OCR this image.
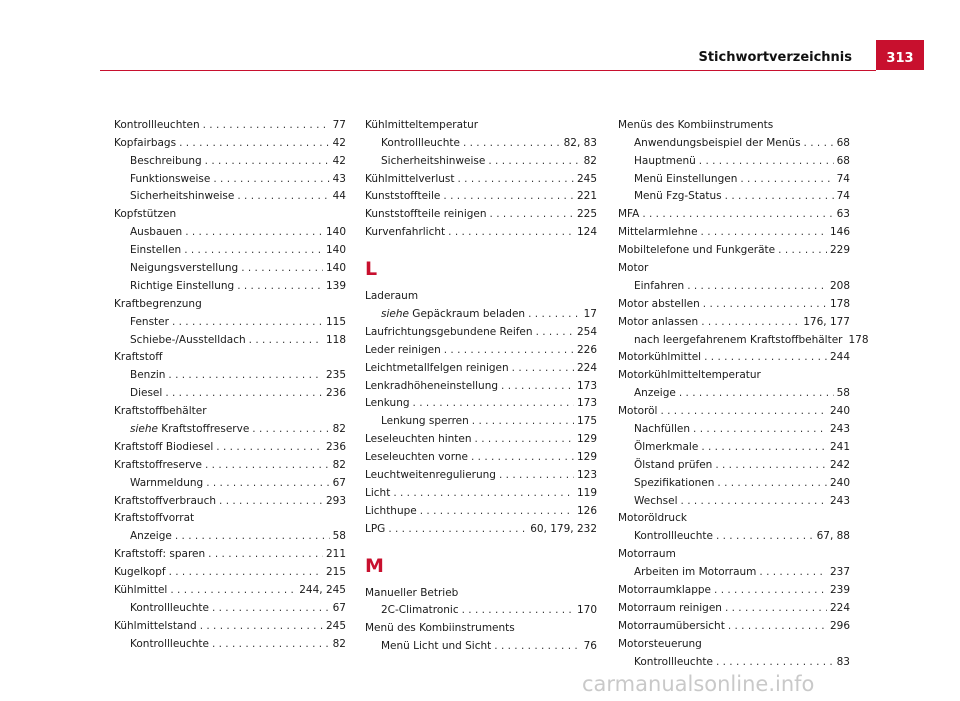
Stichwortverzeichnis	313
Kontrollleuchten . . .	77
Kopfairbags . . .	42
Beschreibung . . .	42
Funktionsweise . . .	43
Sicherheitshinweise . . .	44
Kopfstützen
Ausbauen . . .	140
Einstellen . . .	140
Neigungsverstellung . . .	140
Richtige Einstellung . . .	139
Kraftbegrenzung
Fenster . . .	115
Schiebe-/Ausstelldach . . .	118
Kraftstoff
Benzin . . .	235
Diesel . . .	236
Kraftstoffbehälter
siehe Kraftstoffreserve . . .	82
Kraftstoff Biodiesel . . .	236
Kraftstoffreserve . . .	82
Warnmeldung . . .	67
Kraftstoffverbrauch . . .	293
Kraftstoffvorrat
Anzeige . . .	58
Kraftstoff: sparen . . .	211
Kugelkopf . . .	215
Kühlmittel . . .	244, 245
Kontrollleuchte . . .	67
Kühlmittelstand . . .	245
Kontrollleuchte . . .	82
Kühlmitteltemperatur
Kontrollleuchte . . .	82, 83
Sicherheitshinweise . . .	82
Kühlmittelverlust . . .	245
Kunststoffteile . . .	221
Kunststoffteile reinigen . . .	225
Kurvenfahrlicht . . .	124
L
Laderaum
siehe Gepäckraum beladen . . .	17
Laufrichtungsgebundene Reifen . . .	254
Leder reinigen . . .	226
Leichtmetallfelgen reinigen . . .	224
Lenkradhöheneinstellung . . .	173
Lenkung . . .	173
Lenkung sperren . . .	175
Leseleuchten hinten . . .	129
Leseleuchten vorne . . .	129
Leuchtweitenregulierung . . .	123
Licht . . .	119
Lichthupe . . .	126
LPG . . .	60, 179, 232
M
Manueller Betrieb
2C-Climatronic . . .	170
Menü des Kombiinstruments
Menü Licht und Sicht . . .	76
Menüs des Kombiinstruments
Anwendungsbeispiel der Menüs . . .	68
Hauptmenü . . .	68
Menü Einstellungen . . .	74
Menü Fzg-Status . . .	74
MFA . . .	63
Mittelarmlehne . . .	146
Mobiltelefone und Funkgeräte . . .	229
Motor
Einfahren . . .	208
Motor abstellen . . .	178
Motor anlassen . . .	176, 177
nach leergefahrenem Kraftstoffbehälter 178
Motorkühlmittel . . .	244
Motorkühlmitteltemperatur
Anzeige . . .	58
Motoröl . . .	240
Nachfüllen . . .	243
Ölmerkmale . . .	241
Ölstand prüfen . . .	242
Spezifikationen . . .	240
Wechsel . . .	243
Motoröldruck
Kontrollleuchte . . .	67, 88
Motorraum
Arbeiten im Motorraum . . .	237
Motorraumklappe . . .	239
Motorraum reinigen . . .	224
Motorraumübersicht . . .	296
Motorsteuerung
Kontrollleuchte . . .	83
carmanualsonline.info
